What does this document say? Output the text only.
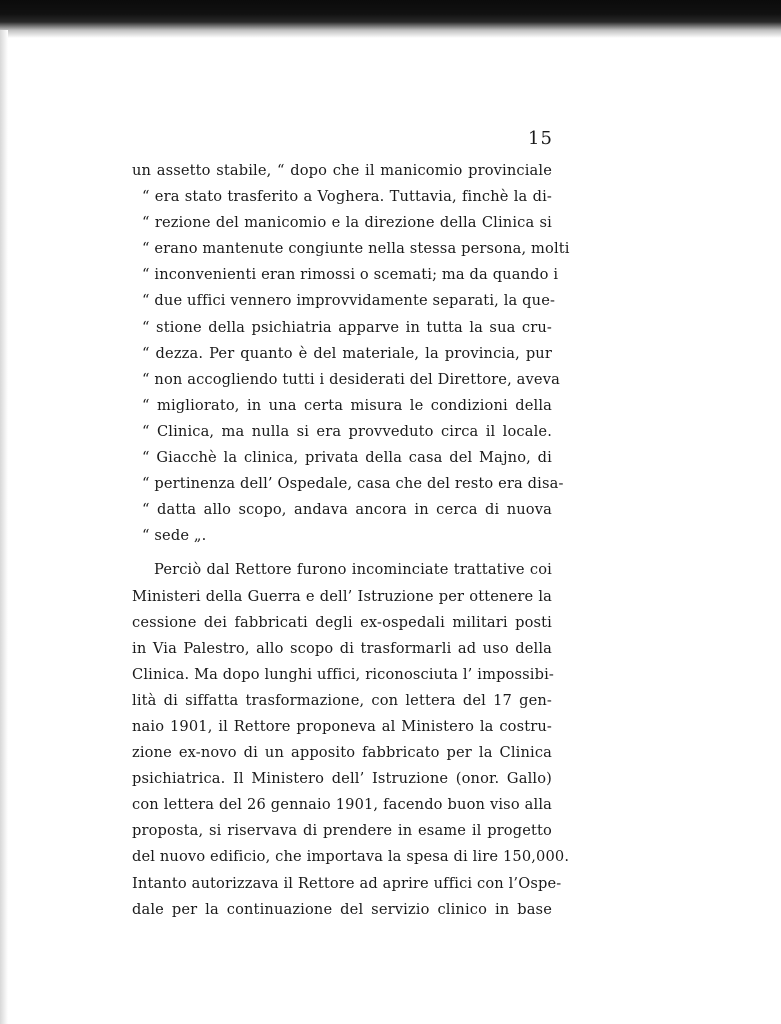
15
un assetto stabile, “ dopo che il manicomio provinciale
“ era stato trasferito a Voghera. Tuttavia, finchè la di-
“ rezione del manicomio e la direzione della Clinica si
“ erano mantenute congiunte nella stessa persona, molti
“ inconvenienti eran rimossi o scemati; ma da quando i
“ due uffici vennero improvvidamente separati, la que-
“ stione della psichiatria apparve in tutta la sua cru-
“ dezza. Per quanto è del materiale, la provincia, pur
“ non accogliendo tutti i desiderati del Direttore, aveva
“ migliorato, in una certa misura le condizioni della
“ Clinica, ma nulla si era provveduto circa il locale.
“ Giacchè la clinica, privata della casa del Majno, di
“ pertinenza dell’ Ospedale, casa che del resto era disa-
“ datta allo scopo, andava ancora in cerca di nuova
“ sede „.
Perciò dal Rettore furono incominciate trattative coi
Ministeri della Guerra e dell’ Istruzione per ottenere la
cessione dei fabbricati degli ex-ospedali militari posti
in Via Palestro, allo scopo di trasformarli ad uso della
Clinica. Ma dopo lunghi uffici, riconosciuta l’ impossibi-
lità di siffatta trasformazione, con lettera del 17 gen-
naio 1901, il Rettore proponeva al Ministero la costru-
zione ex-novo di un apposito fabbricato per la Clinica
psichiatrica. Il Ministero dell’ Istruzione (onor. Gallo)
con lettera del 26 gennaio 1901, facendo buon viso alla
proposta, si riservava di prendere in esame il progetto
del nuovo edificio, che importava la spesa di lire 150,000.
Intanto autorizzava il Rettore ad aprire uffici con l’Ospe-
dale per la continuazione del servizio clinico in base
